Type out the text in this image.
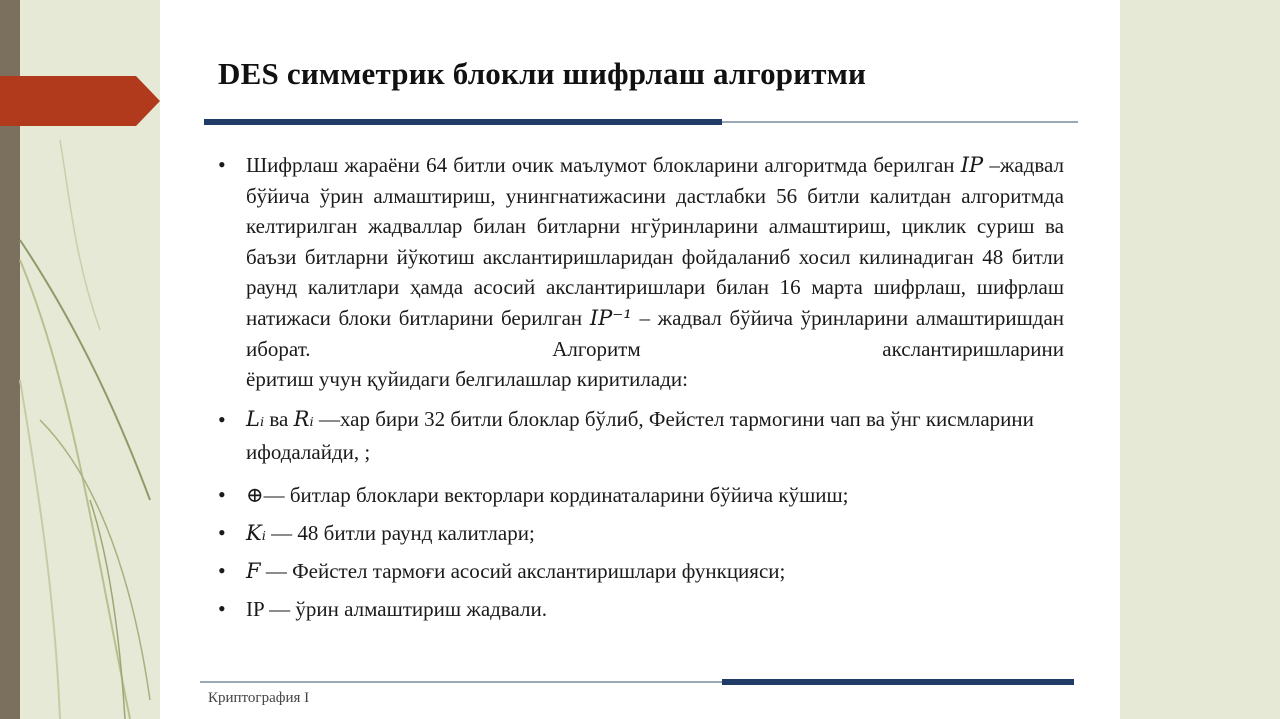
DES симметрик блокли шифрлаш алгоритми
• Шифрлаш жараёни 64 битли очик маълумот блокларини алгоритмда берилган IP –жадвал бўйича ўрин алмаштириш, унингнатижасини дастлабки 56 битли калитдан алгоритмда келтирилган жадваллар билан битларни нгўринларини алмаштириш, циклик суриш ва баъзи битларни йўкотиш акслантиришларидан фойдаланиб хосил килинадиган 48 битли раунд калитлари ҳамда асосий акслантиришлари билан 16 марта шифрлаш, шифрлаш натижаси блоки битларини берилган IP⁻¹ – жадвал бўйича ўринларини алмаштиришдан иборат. Алгоритм акслантиришларини
ёритиш учун қуйидаги белгилашлар киритилади:
• Lᵢ ва Rᵢ —хар бири 32 битли блоклар бўлиб, Фейстел тармогини чап ва ўнг кисмларини ифодалайди, ;
• ⊕— битлар блоклари векторлари кординаталарини бўйича кўшиш;
• Kᵢ — 48 битли раунд калитлари;
• F — Фейстел тармоғи асосий акслантиришлари функцияси;
• IP — ўрин алмаштириш жадвали.
Криптография I
